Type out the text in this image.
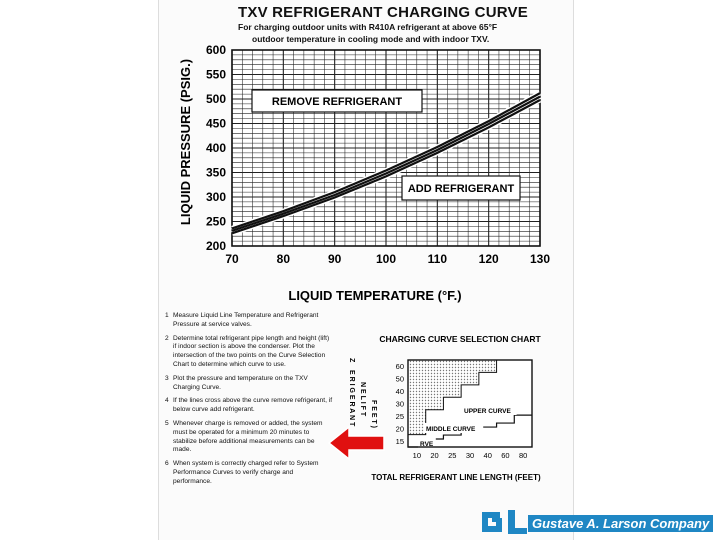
TXV REFRIGERANT CHARGING CURVE
For charging outdoor units with R410A refrigerant at above 65°F
outdoor temperature in cooling mode and with indoor TXV.
70	80	90	100	110	120	130
200
250
300
350
400
450
500
550
600
REMOVE REFRIGERANT
ADD REFRIGERANT
LIQUID PRESSURE (PSIG.)
LIQUID TEMPERATURE (°F.)
1 Measure Liquid Line Temperature and Refrigerant Pressure at service valves.
2 Determine total refrigerant pipe length and height (lift) if indoor section is above the condenser. Plot the intersection of the two points on the Curve Selection Chart to determine which curve to use.
3 Plot the pressure and temperature on the TXV Charging Curve.
4 If the lines cross above the curve remove refrigerant, if below curve add refrigerant.
5 Whenever charge is removed or added, the system must be operated for a minimum 20 minutes to stabilize before additional measurements can be made.
6 When system is correctly charged refer to System Performance Curves to verify charge and performance.
CHARGING CURVE SELECTION CHART
UPPER CURVE
MIDDLE CURVE
RVE
10 20 25 30 40 60 80
15
20
25
30
40
50
60
Z
E R I G E R A N T N E L I F T F E E T )
TOTAL REFRIGERANT LINE LENGTH (FEET)
Gustave A. Larson Company
